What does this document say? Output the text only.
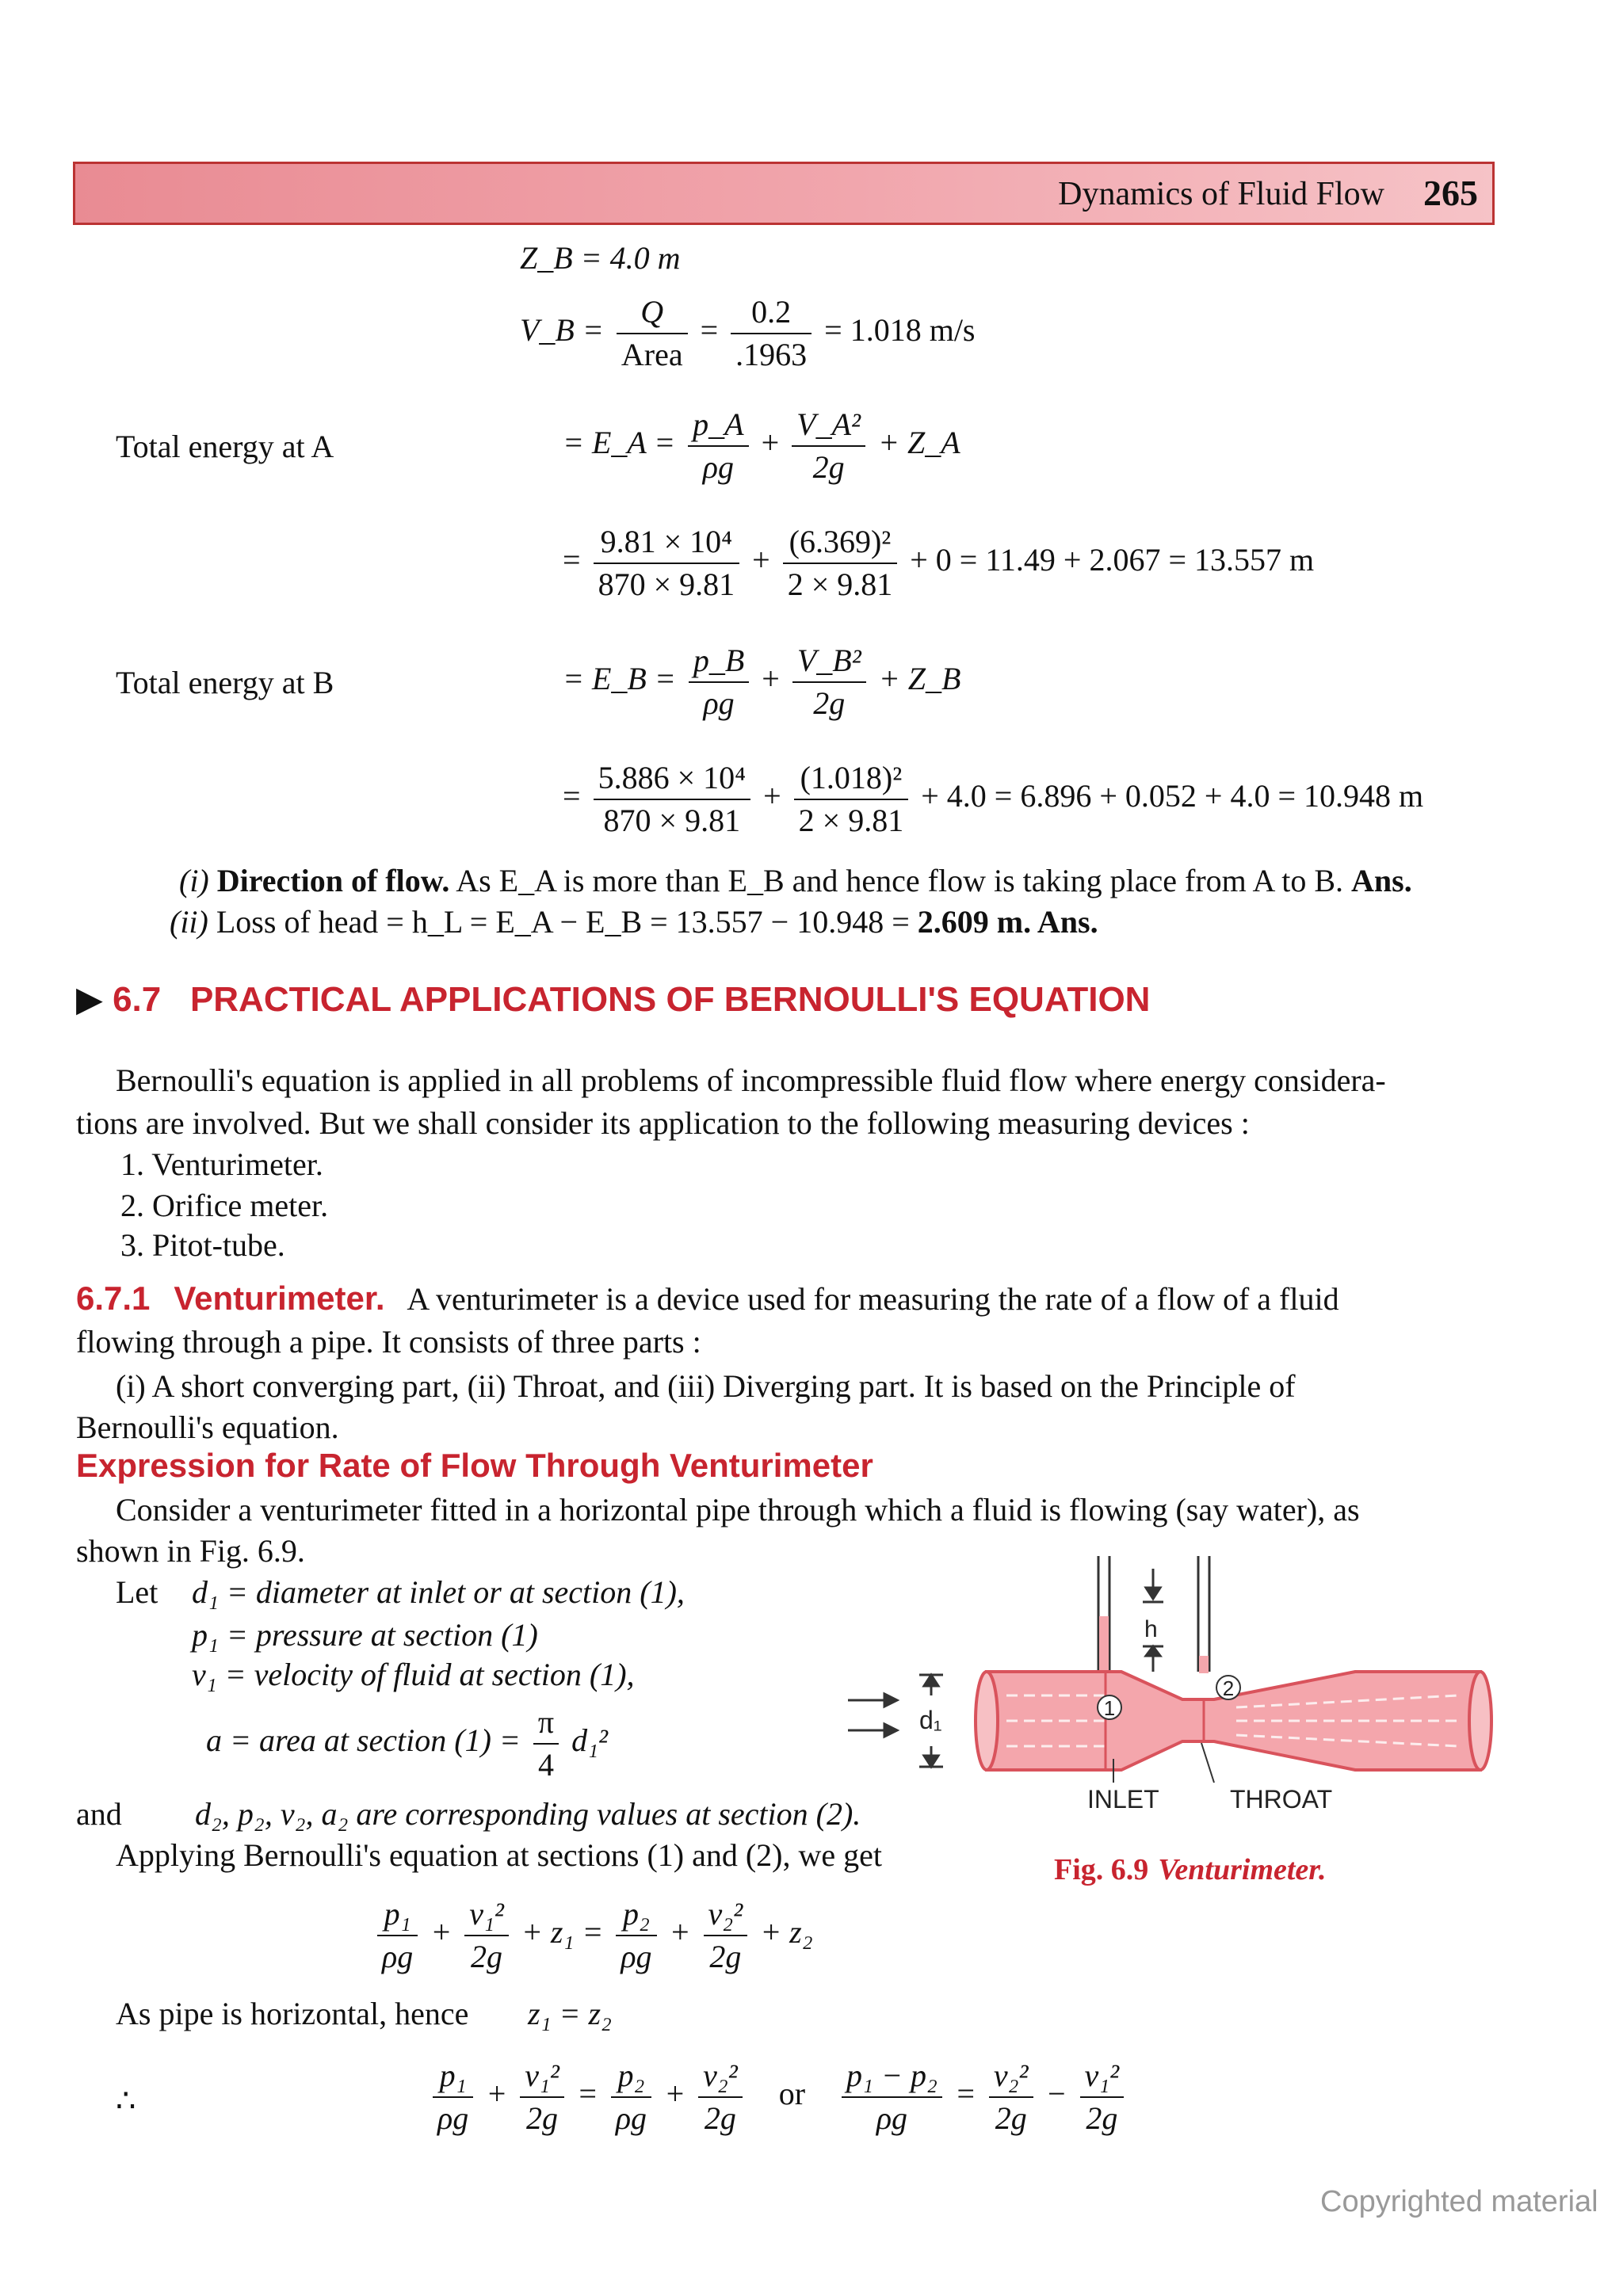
Dynamics of Fluid Flow 265
Z_B = 4.0 m
V_B = $\frac{Q}{\text{Area}} = \frac{0.2}{.1963} = 1.018$ m/s
Total energy at A	= E_A = $\frac{p\_A}{\rho g} + \frac{\text{V\_A²}}{2g}$ + Z_A
= $\frac{\text{9.81 × 10⁴}}{870 \times 9.81} + \frac{\text{(6.369)²}}{2 \times 9.81} + 0 = 11.49 + 2.067 = 13.557$ m
Total energy at B	= E_B = $\frac{p\_B}{\rho g} + \frac{\text{V\_B²}}{2g}$ + Z_B
= $\frac{\text{5.886 × 10⁴}}{870 \times 9.81} + \frac{\text{(1.018)²}}{2 \times 9.81} + 4.0 = 6.896 + 0.052 + 4.0 = 10.948$ m
(i) Direction of flow. As E_A is more than E_B and hence flow is taking place from A to B. Ans.
(ii) Loss of head = h_L = E_A − E_B = 13.557 − 10.948 = 2.609 m. Ans.
▶ 6.7 PRACTICAL APPLICATIONS OF BERNOULLI'S EQUATION
Bernoulli's equation is applied in all problems of incompressible fluid flow where energy considera-
tions are involved. But we shall consider its application to the following measuring devices :
1. Venturimeter.
2. Orifice meter.
3. Pitot-tube.
6.7.1 Venturimeter. A venturimeter is a device used for measuring the rate of a flow of a fluid
flowing through a pipe. It consists of three parts :
(i) A short converging part, (ii) Throat, and (iii) Diverging part. It is based on the Principle of
Bernoulli's equation.
Expression for Rate of Flow Through Venturimeter
Consider a venturimeter fitted in a horizontal pipe through which a fluid is flowing (say water), as
shown in Fig. 6.9.
Let d₁ = diameter at inlet or at section (1),
p₁ = pressure at section (1)
v₁ = velocity of fluid at section (1),
a = area at section $(1) = \frac{\pi}{4} d_1^2$
and d₂, p₂, v₂, a₂ are corresponding values at section (2).
Applying Bernoulli's equation at sections (1) and (2), we get
$\frac{\text{p₁}}{\rho g} + \frac{\text{v₁²}}{2g} + z_1 = \frac{\text{p₂}}{\rho g} + \frac{\text{v₂²}}{2g} + z_2$
As pipe is horizontal, hence z₁ = z₂
∴	$\frac{\text{p₁}}{\rho g} + \frac{\text{v₁²}}{2g} = \frac{\text{p₂}}{\rho g} + \frac{\text{v₂²}}{2g}$ or $\frac{\text{p₁ − p₂}}{\rho g} = \frac{\text{v₂²}}{2g} - \frac{\text{v₁²}}{2g}$
h
1
2
d₁
INLET	THROAT
Fig. 6.9 Venturimeter.
Copyrighted material
